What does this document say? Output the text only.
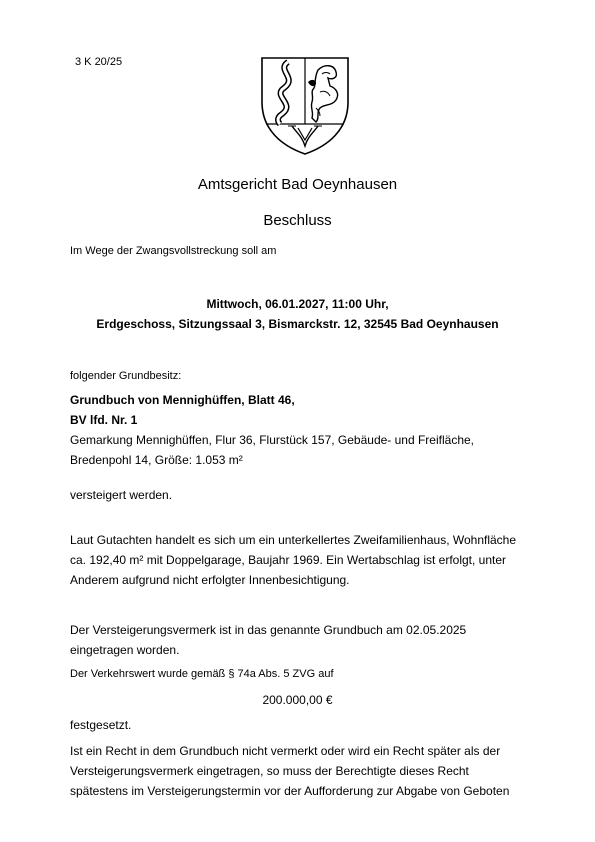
3 K 20/25
Amtsgericht Bad Oeynhausen
Beschluss
Im Wege der Zwangsvollstreckung soll am
Mittwoch, 06.01.2027, 11:00 Uhr,
Erdgeschoss, Sitzungssaal 3, Bismarckstr. 12, 32545 Bad Oeynhausen
folgender Grundbesitz:
Grundbuch von Mennighüffen, Blatt 46,
BV lfd. Nr. 1
Gemarkung Mennighüffen, Flur 36, Flurstück 157, Gebäude- und Freifläche,
Bredenpohl 14, Größe: 1.053 m²
versteigert werden.
Laut Gutachten handelt es sich um ein unterkellertes Zweifamilienhaus, Wohnfläche
ca. 192,40 m² mit Doppelgarage, Baujahr 1969. Ein Wertabschlag ist erfolgt, unter
Anderem aufgrund nicht erfolgter Innenbesichtigung.
Der Versteigerungsvermerk ist in das genannte Grundbuch am 02.05.2025
eingetragen worden.
Der Verkehrswert wurde gemäß § 74a Abs. 5 ZVG auf
200.000,00 €
festgesetzt.
Ist ein Recht in dem Grundbuch nicht vermerkt oder wird ein Recht später als der
Versteigerungsvermerk eingetragen, so muss der Berechtigte dieses Recht
spätestens im Versteigerungstermin vor der Aufforderung zur Abgabe von Geboten
